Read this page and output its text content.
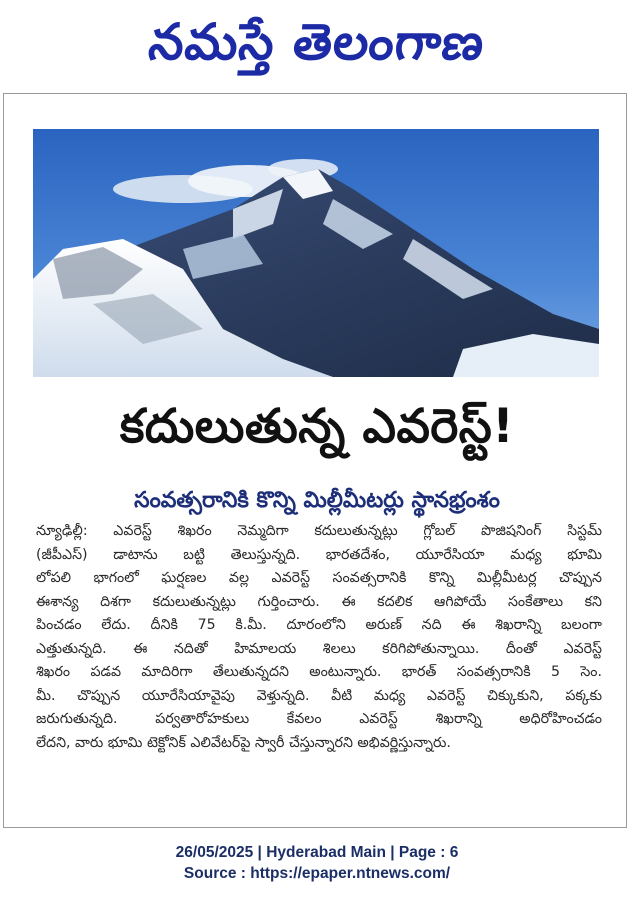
నమస్తే తెలంగాణ
కదులుతున్న ఎవరెస్ట్!
సంవత్సరానికి కొన్ని మిల్లీమీటర్లు స్థానభ్రంశం
న్యూఢిల్లీ: ఎవరెస్ట్ శిఖరం నెమ్మదిగా కదులుతున్నట్లు గ్లోబల్ పొజిషనింగ్ సిస్టమ్
(జీపీఎస్) డాటాను బట్టి తెలుస్తున్నది. భారతదేశం, యూరేసియా మధ్య భూమి
లోపలి భాగంలో ఘర్షణల వల్ల ఎవరెస్ట్ సంవత్సరానికి కొన్ని మిల్లీమీటర్ల చొప్పున
ఈశాన్య దిశగా కదులుతున్నట్లు గుర్తించారు. ఈ కదలిక ఆగిపోయే సంకేతాలు కని
పించడం లేదు. దీనికి 75 కి.మీ. దూరంలోని అరుణ్ నది ఈ శిఖరాన్ని బలంగా
ఎత్తుతున్నది. ఈ నదితో హిమాలయ శిలలు కరిగిపోతున్నాయి. దీంతో ఎవరెస్ట్
శిఖరం పడవ మాదిరిగా తేలుతున్నదని అంటున్నారు. భారత్ సంవత్సరానికి 5 సెం.
మీ. చొప్పున యూరేసియావైపు వెళ్తున్నది. వీటి మధ్య ఎవరెస్ట్ చిక్కుకుని, పక్కకు
జరుగుతున్నది. పర్వతారోహకులు కేవలం ఎవరెస్ట్ శిఖరాన్ని అధిరోహించడం
లేదని, వారు భూమి టెక్టోనిక్ ఎలివేటర్‌పై స్వారీ చేస్తున్నారని అభివర్ణిస్తున్నారు.
26/05/2025 | Hyderabad Main | Page : 6
Source : https://epaper.ntnews.com/
